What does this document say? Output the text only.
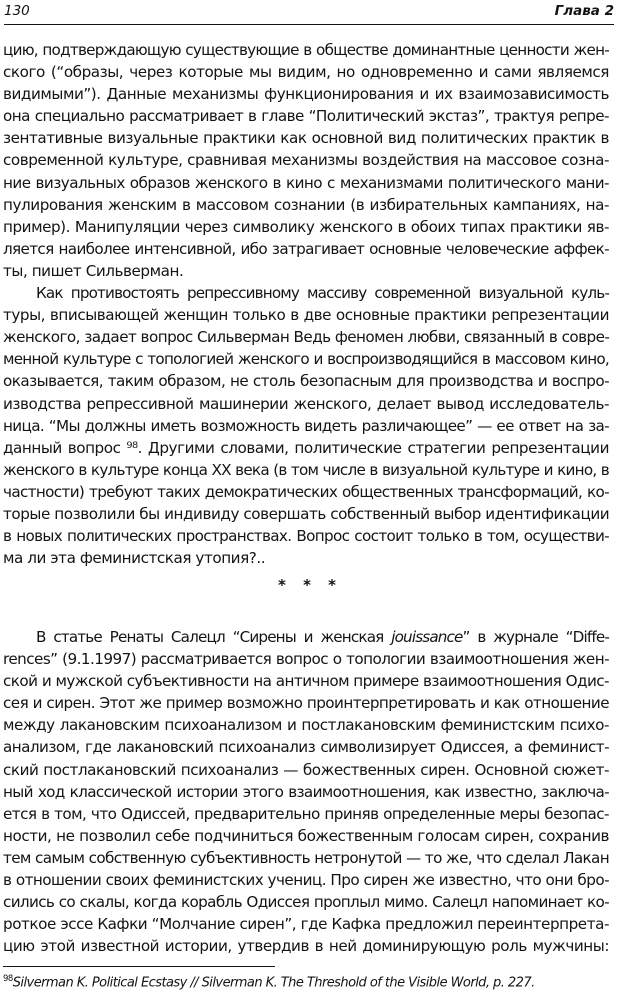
130	Глава 2
цию, подтверждающую существующие в обществе доминантные ценности жен-
ского (“образы, через которые мы видим, но одновременно и сами являемся
видимыми”). Данные механизмы функционирования и их взаимозависимость
она специально рассматривает в главе “Политический экстаз”, трактуя репре-
зентативные визуальные практики как основной вид политических практик в
современной культуре, сравнивая механизмы воздействия на массовое созна-
ние визуальных образов женского в кино с механизмами политического мани-
пулирования женским в массовом сознании (в избирательных кампаниях, на-
пример). Манипуляции через символику женского в обоих типах практики яв-
ляется наиболее интенсивной, ибо затрагивает основные человеческие аффек-
ты, пишет Сильверман.
Как противостоять репрессивному массиву современной визуальной куль-
туры, вписывающей женщин только в две основные практики репрезентации
женского, задает вопрос Сильверман Ведь феномен любви, связанный в совре-
менной культуре с топологией женского и воспроизводящийся в массовом кино,
оказывается, таким образом, не столь безопасным для производства и воспро-
изводства репрессивной машинерии женского, делает вывод исследователь-
ница. “Мы должны иметь возможность видеть различающее” — ее ответ на за-
данный вопрос ⁹⁸. Другими словами, политические стратегии репрезентации
женского в культуре конца XX века (в том числе в визуальной культуре и кино, в
частности) требуют таких демократических общественных трансформаций, ко-
торые позволили бы индивиду совершать собственный выбор идентификации
в новых политических пространствах. Вопрос состоит только в том, осуществи-
ма ли эта феминистская утопия?..
* * *
В статье Ренаты Салецл “Сирены и женская jouissance” в журнале “Diffe-
rences” (9.1.1997) рассматривается вопрос о топологии взаимоотношения жен-
ской и мужской субъективности на античном примере взаимоотношения Одис-
сея и сирен. Этот же пример возможно проинтерпретировать и как отношение
между лакановским психоанализом и постлакановским феминистским психо-
анализом, где лакановский психоанализ символизирует Одиссея, а феминист-
ский постлакановский психоанализ — божественных сирен. Основной сюжет-
ный ход классической истории этого взаимоотношения, как известно, заключа-
ется в том, что Одиссей, предварительно приняв определенные меры безопас-
ности, не позволил себе подчиниться божественным голосам сирен, сохранив
тем самым собственную субъективность нетронутой — то же, что сделал Лакан
в отношении своих феминистских учениц. Про сирен же известно, что они бро-
сились со скалы, когда корабль Одиссея проплыл мимо. Салецл напоминает ко-
роткое эссе Кафки “Молчание сирен”, где Кафка предложил переинтерпрета-
цию этой известной истории, утвердив в ней доминирующую роль мужчины:
$^{98}$Silverman K. Political Ecstasy // Silverman K. The Threshold of the Visible World, p. 227.
